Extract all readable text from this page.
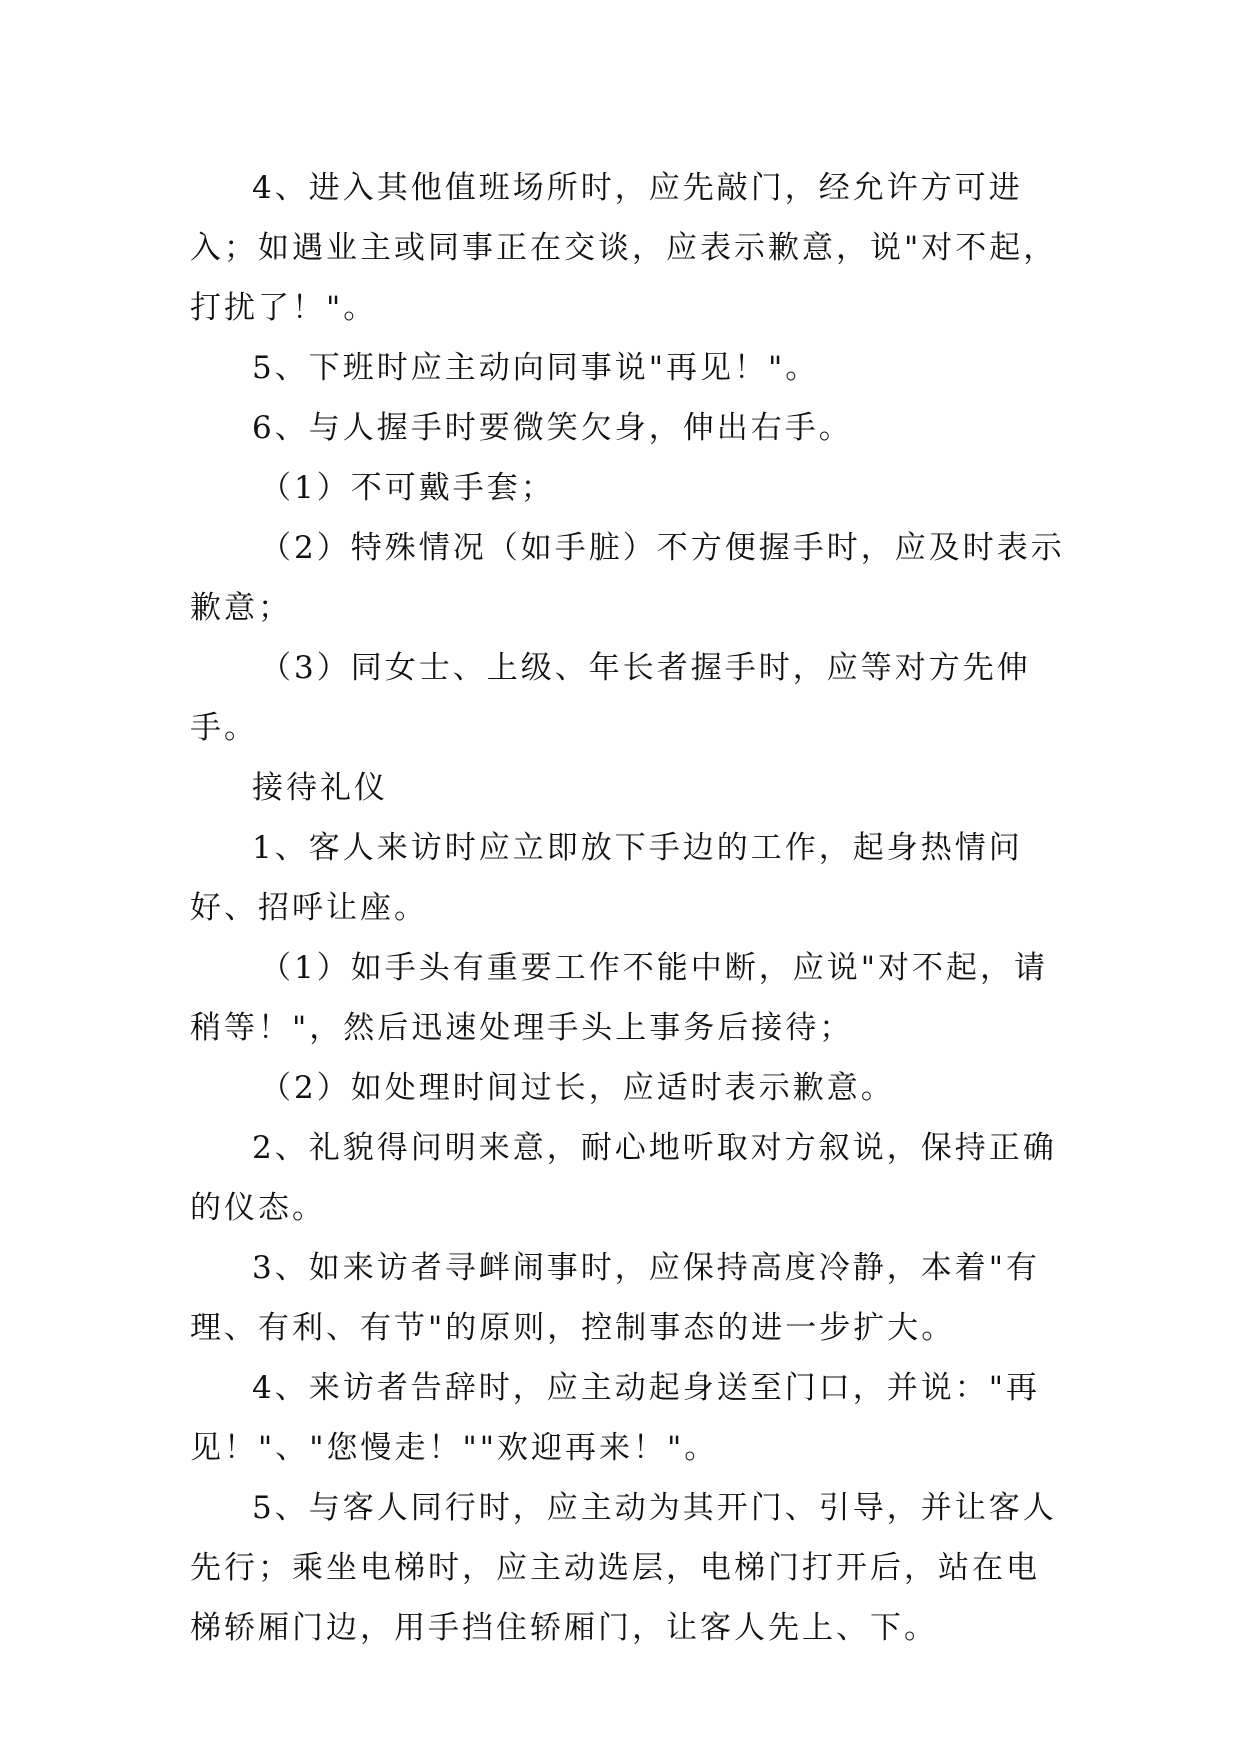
4、进入其他值班场所时，应先敲门，经允许方可进入；如遇业主或同事正在交谈，应表示歉意，说"对不起，打扰了！"。

5、下班时应主动向同事说"再见！"。

6、与人握手时要微笑欠身，伸出右手。

（1）不可戴手套；

（2）特殊情况（如手脏）不方便握手时，应及时表示歉意；

（3）同女士、上级、年长者握手时，应等对方先伸手。

接待礼仪

1、客人来访时应立即放下手边的工作，起身热情问好、招呼让座。

（1）如手头有重要工作不能中断，应说"对不起，请稍等！"，然后迅速处理手头上事务后接待；

（2）如处理时间过长，应适时表示歉意。

2、礼貌得问明来意，耐心地听取对方叙说，保持正确的仪态。

3、如来访者寻衅闹事时，应保持高度冷静，本着"有理、有利、有节"的原则，控制事态的进一步扩大。

4、来访者告辞时，应主动起身送至门口，并说："再见！"、"您慢走！""欢迎再来！"。

5、与客人同行时，应主动为其开门、引导，并让客人先行；乘坐电梯时，应主动选层，电梯门打开后，站在电梯轿厢门边，用手挡住轿厢门，让客人先上、下。
